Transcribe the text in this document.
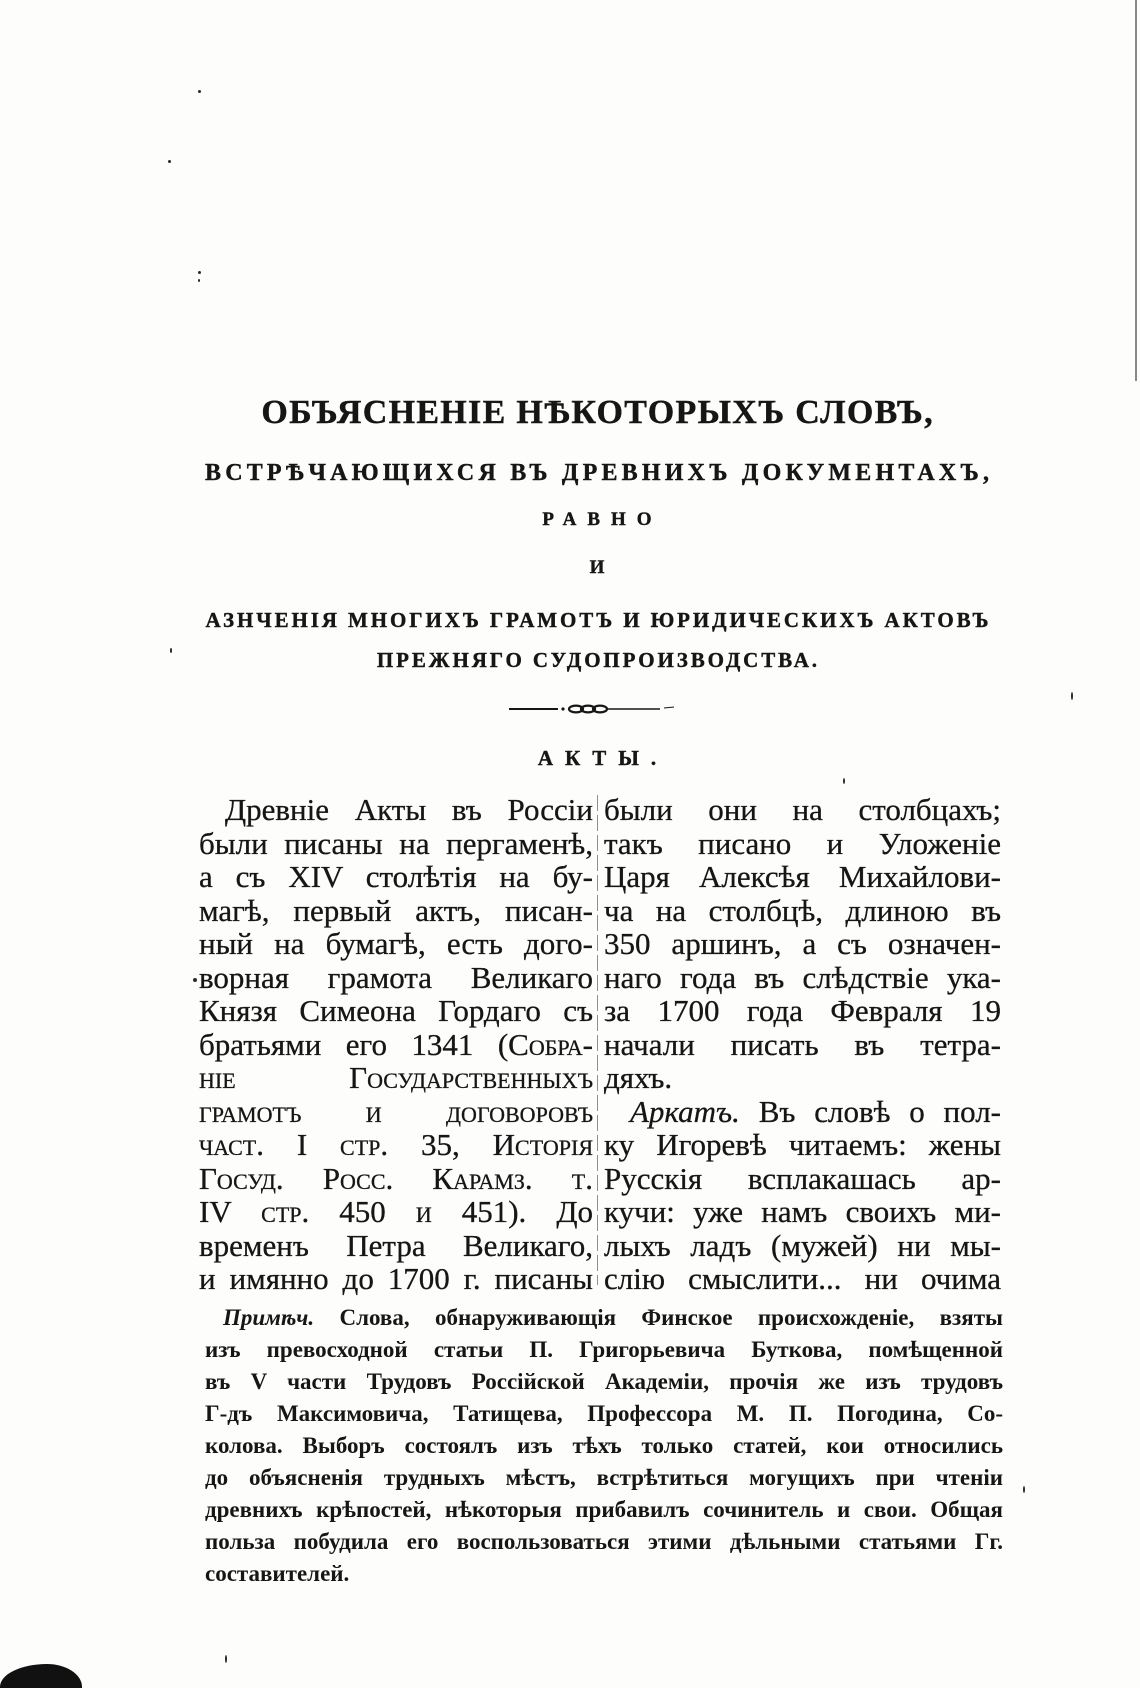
ОБЪЯСНЕНІЕ НѢКОТОРЫХЪ СЛОВЪ,
ВСТРѢЧАЮЩИХСЯ ВЪ ДРЕВНИХЪ ДОКУМЕНТАХЪ,
РАВНО
И
АЗНЧЕНІЯ МНОГИХЪ ГРАМОТЪ И ЮРИДИЧЕСКИХЪ АКТОВЪ
ПРЕЖНЯГО СУДОПРОИЗВОДСТВА.
АКТЫ.
Древніе Акты въ Россіи
были писаны на пергаменѣ,
а съ XIV столѣтія на бу-
магѣ, первый актъ, писан-
ный на бумагѣ, есть дого-
ворная грамота Великаго
Князя Симеона Гордаго съ
братьями его 1341 (Собра-
ніе Государственныхъ
грамотъ и договоровъ
част. I стр. 35, Исторія
Госуд. Росс. Карамз. т.
IV стр. 450 и 451). До
временъ Петра Великаго,
и имянно до 1700 г. писаны
были они на столбцахъ;
такъ писано и Уложеніе
Царя Алексѣя Михайлови-
ча на столбцѣ, длиною въ
350 аршинъ, а съ означен-
наго года въ слѣдствіе ука-
за 1700 года Февраля 19
начали писать въ тетра-
дяхъ.
Аркатъ. Въ словѣ о пол-
ку Игоревѣ читаемъ: жены
Русскія всплакашась ар-
кучи: уже намъ своихъ ми-
лыхъ ладъ (мужей) ни мы-
слію смыслити... ни очима
Примѣч. Слова, обнаруживающія Финское происхожденіе, взяты
изъ превосходной статьи П. Григорьевича Буткова, помѣщенной
въ V части Трудовъ Россійской Академіи, прочія же изъ трудовъ
Г-дъ Максимовича, Татищева, Профессора М. П. Погодина, Со-
колова. Выборъ состоялъ изъ тѣхъ только статей, кои относились
до объясненія трудныхъ мѣстъ, встрѣтиться могущихъ при чтеніи
древнихъ крѣпостей, нѣкоторыя прибавилъ сочинитель и свои. Общая
польза побудила его воспользоваться этими дѣльными статьями Гг.
составителей.
